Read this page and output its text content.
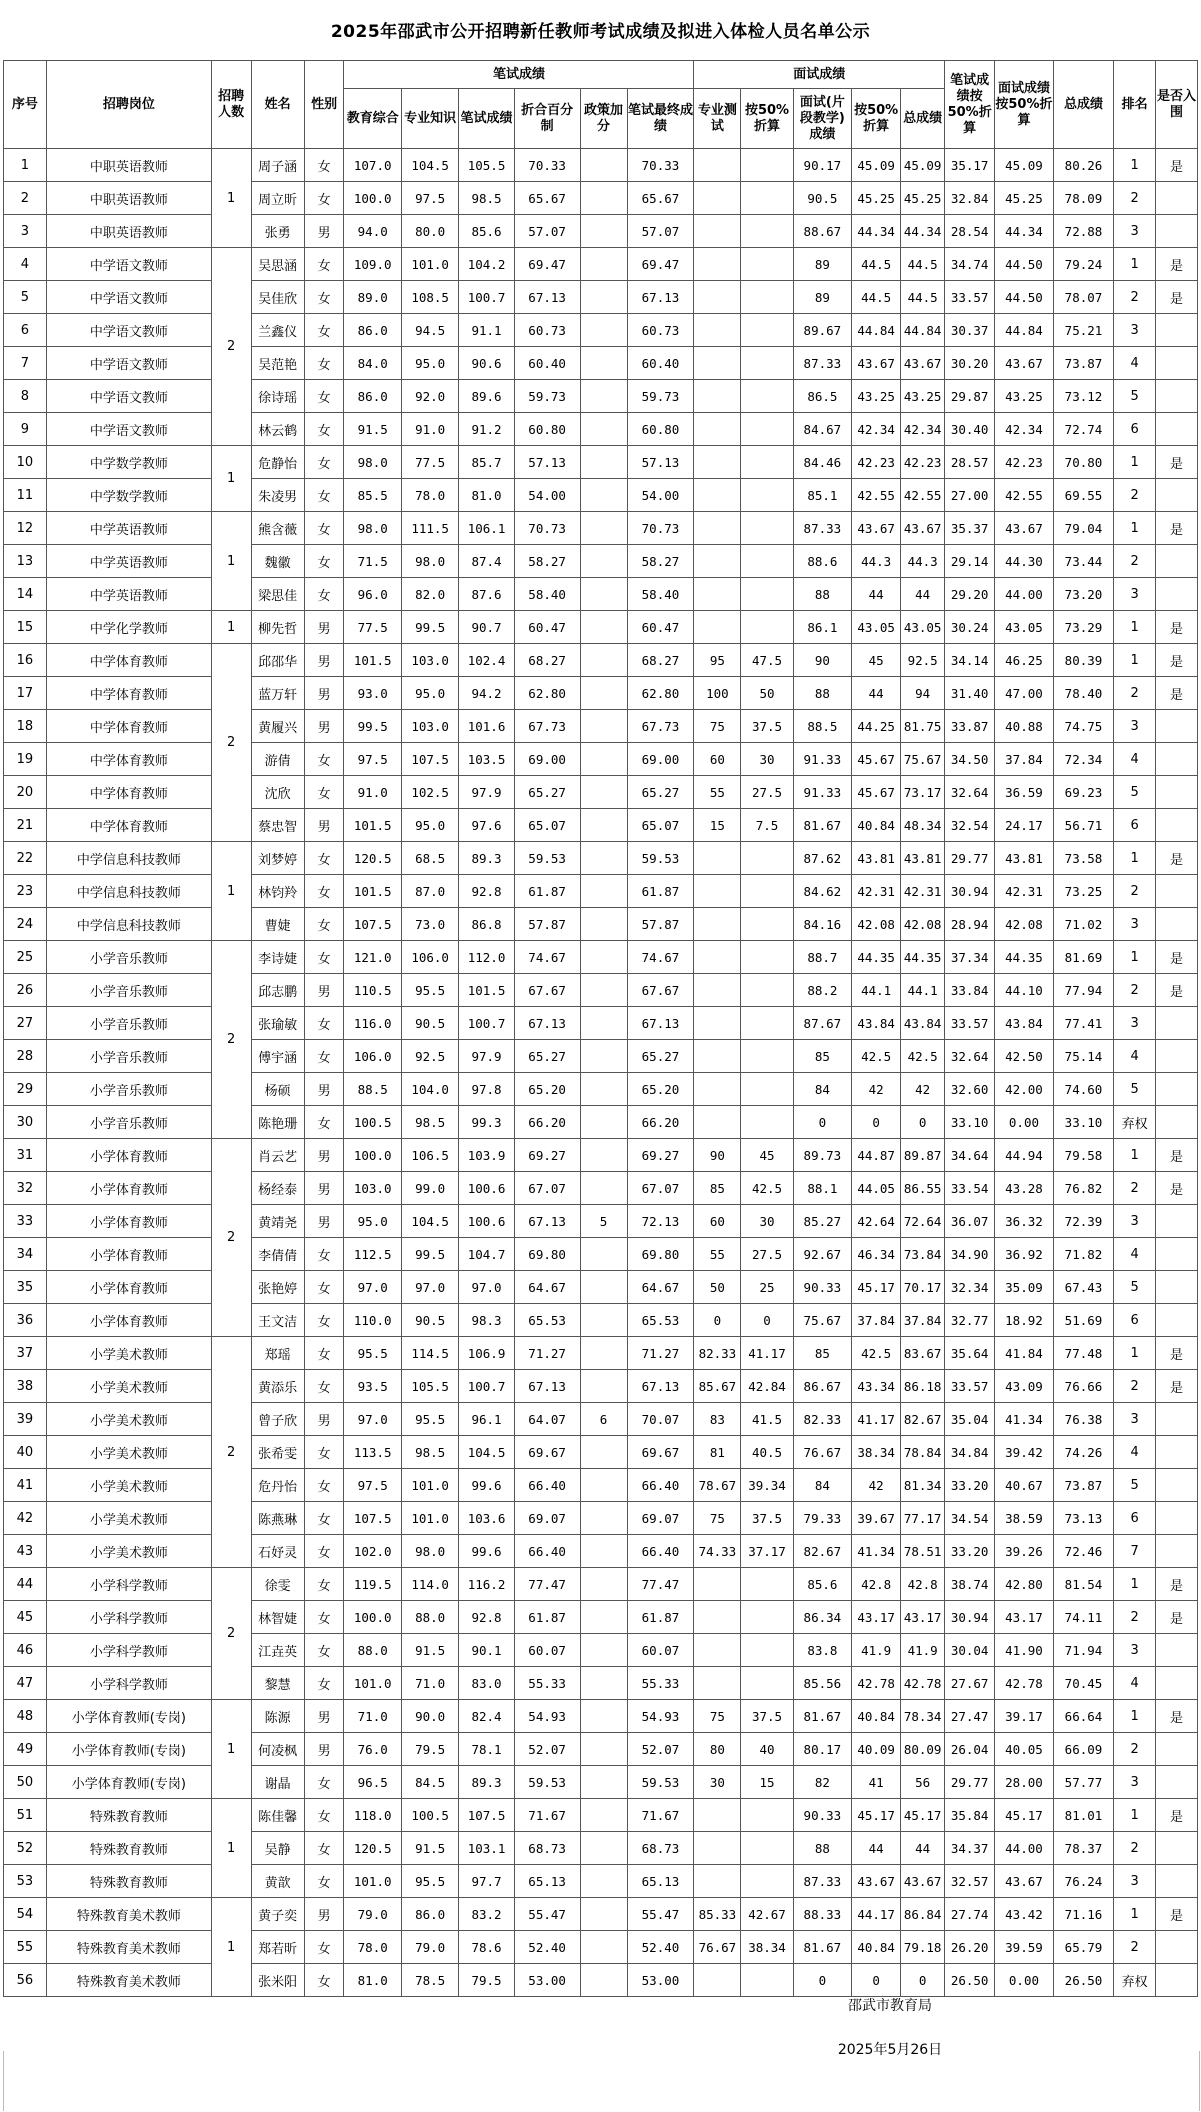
2025年邵武市公开招聘新任教师考试成绩及拟进入体检人员名单公示
序号	招聘岗位	招聘人数	姓名	性别	笔试成绩						面试成绩					笔试成绩按50%折算	面试成绩按50%折算	总成绩	排名	是否入围
					教育综合	专业知识	笔试成绩	折合百分制	政策加分	笔试最终成绩	专业测试	按50%折算	面试(片段教学)成绩	按50%折算	总成绩					
1	中职英语教师	1	周子涵	女	107.0	104.5	105.5	70.33		70.33			90.17	45.09	45.09	35.17	45.09	80.26	1	是
2	中职英语教师		周立昕	女	100.0	97.5	98.5	65.67		65.67			90.5	45.25	45.25	32.84	45.25	78.09	2	
3	中职英语教师		张勇	男	94.0	80.0	85.6	57.07		57.07			88.67	44.34	44.34	28.54	44.34	72.88	3	
4	中学语文教师	2	吴思涵	女	109.0	101.0	104.2	69.47		69.47			89	44.5	44.5	34.74	44.50	79.24	1	是
5	中学语文教师		吴佳欣	女	89.0	108.5	100.7	67.13		67.13			89	44.5	44.5	33.57	44.50	78.07	2	是
6	中学语文教师		兰鑫仪	女	86.0	94.5	91.1	60.73		60.73			89.67	44.84	44.84	30.37	44.84	75.21	3	
7	中学语文教师		吴范艳	女	84.0	95.0	90.6	60.40		60.40			87.33	43.67	43.67	30.20	43.67	73.87	4	
8	中学语文教师		徐诗瑶	女	86.0	92.0	89.6	59.73		59.73			86.5	43.25	43.25	29.87	43.25	73.12	5	
9	中学语文教师		林云鹤	女	91.5	91.0	91.2	60.80		60.80			84.67	42.34	42.34	30.40	42.34	72.74	6	
10	中学数学教师	1	危静怡	女	98.0	77.5	85.7	57.13		57.13			84.46	42.23	42.23	28.57	42.23	70.80	1	是
11	中学数学教师		朱凌男	女	85.5	78.0	81.0	54.00		54.00			85.1	42.55	42.55	27.00	42.55	69.55	2	
12	中学英语教师	1	熊含薇	女	98.0	111.5	106.1	70.73		70.73			87.33	43.67	43.67	35.37	43.67	79.04	1	是
13	中学英语教师		魏徽	女	71.5	98.0	87.4	58.27		58.27			88.6	44.3	44.3	29.14	44.30	73.44	2	
14	中学英语教师		梁思佳	女	96.0	82.0	87.6	58.40		58.40			88	44	44	29.20	44.00	73.20	3	
15	中学化学教师	1	柳先哲	男	77.5	99.5	90.7	60.47		60.47			86.1	43.05	43.05	30.24	43.05	73.29	1	是
16	中学体育教师	2	邱邵华	男	101.5	103.0	102.4	68.27		68.27	95	47.5	90	45	92.5	34.14	46.25	80.39	1	是
17	中学体育教师		蓝万轩	男	93.0	95.0	94.2	62.80		62.80	100	50	88	44	94	31.40	47.00	78.40	2	是
18	中学体育教师		黄履兴	男	99.5	103.0	101.6	67.73		67.73	75	37.5	88.5	44.25	81.75	33.87	40.88	74.75	3	
19	中学体育教师		游倩	女	97.5	107.5	103.5	69.00		69.00	60	30	91.33	45.67	75.67	34.50	37.84	72.34	4	
20	中学体育教师		沈欣	女	91.0	102.5	97.9	65.27		65.27	55	27.5	91.33	45.67	73.17	32.64	36.59	69.23	5	
21	中学体育教师		蔡忠智	男	101.5	95.0	97.6	65.07		65.07	15	7.5	81.67	40.84	48.34	32.54	24.17	56.71	6	
22	中学信息科技教师	1	刘梦婷	女	120.5	68.5	89.3	59.53		59.53			87.62	43.81	43.81	29.77	43.81	73.58	1	是
23	中学信息科技教师		林钧羚	女	101.5	87.0	92.8	61.87		61.87			84.62	42.31	42.31	30.94	42.31	73.25	2	
24	中学信息科技教师		曹婕	女	107.5	73.0	86.8	57.87		57.87			84.16	42.08	42.08	28.94	42.08	71.02	3	
25	小学音乐教师	2	李诗婕	女	121.0	106.0	112.0	74.67		74.67			88.7	44.35	44.35	37.34	44.35	81.69	1	是
26	小学音乐教师		邱志鹏	男	110.5	95.5	101.5	67.67		67.67			88.2	44.1	44.1	33.84	44.10	77.94	2	是
27	小学音乐教师		张瑜敏	女	116.0	90.5	100.7	67.13		67.13			87.67	43.84	43.84	33.57	43.84	77.41	3	
28	小学音乐教师		傅宇涵	女	106.0	92.5	97.9	65.27		65.27			85	42.5	42.5	32.64	42.50	75.14	4	
29	小学音乐教师		杨硕	男	88.5	104.0	97.8	65.20		65.20			84	42	42	32.60	42.00	74.60	5	
30	小学音乐教师		陈艳珊	女	100.5	98.5	99.3	66.20		66.20			0	0	0	33.10	0.00	33.10	弃权	
31	小学体育教师	2	肖云艺	男	100.0	106.5	103.9	69.27		69.27	90	45	89.73	44.87	89.87	34.64	44.94	79.58	1	是
32	小学体育教师		杨经泰	男	103.0	99.0	100.6	67.07		67.07	85	42.5	88.1	44.05	86.55	33.54	43.28	76.82	2	是
33	小学体育教师		黄靖尧	男	95.0	104.5	100.6	67.13	5	72.13	60	30	85.27	42.64	72.64	36.07	36.32	72.39	3	
34	小学体育教师		李倩倩	女	112.5	99.5	104.7	69.80		69.80	55	27.5	92.67	46.34	73.84	34.90	36.92	71.82	4	
35	小学体育教师		张艳婷	女	97.0	97.0	97.0	64.67		64.67	50	25	90.33	45.17	70.17	32.34	35.09	67.43	5	
36	小学体育教师		王文洁	女	110.0	90.5	98.3	65.53		65.53	0	0	75.67	37.84	37.84	32.77	18.92	51.69	6	
37	小学美术教师	2	郑瑶	女	95.5	114.5	106.9	71.27		71.27	82.33	41.17	85	42.5	83.67	35.64	41.84	77.48	1	是
38	小学美术教师		黄添乐	女	93.5	105.5	100.7	67.13		67.13	85.67	42.84	86.67	43.34	86.18	33.57	43.09	76.66	2	是
39	小学美术教师		曾子欣	男	97.0	95.5	96.1	64.07	6	70.07	83	41.5	82.33	41.17	82.67	35.04	41.34	76.38	3	
40	小学美术教师		张希雯	女	113.5	98.5	104.5	69.67		69.67	81	40.5	76.67	38.34	78.84	34.84	39.42	74.26	4	
41	小学美术教师		危丹怡	女	97.5	101.0	99.6	66.40		66.40	78.67	39.34	84	42	81.34	33.20	40.67	73.87	5	
42	小学美术教师		陈燕琳	女	107.5	101.0	103.6	69.07		69.07	75	37.5	79.33	39.67	77.17	34.54	38.59	73.13	6	
43	小学美术教师		石妤灵	女	102.0	98.0	99.6	66.40		66.40	74.33	37.17	82.67	41.34	78.51	33.20	39.26	72.46	7	
44	小学科学教师	2	徐雯	女	119.5	114.0	116.2	77.47		77.47			85.6	42.8	42.8	38.74	42.80	81.54	1	是
45	小学科学教师		林智婕	女	100.0	88.0	92.8	61.87		61.87			86.34	43.17	43.17	30.94	43.17	74.11	2	是
46	小学科学教师		江垚英	女	88.0	91.5	90.1	60.07		60.07			83.8	41.9	41.9	30.04	41.90	71.94	3	
47	小学科学教师		黎慧	女	101.0	71.0	83.0	55.33		55.33			85.56	42.78	42.78	27.67	42.78	70.45	4	
48	小学体育教师(专岗)	1	陈源	男	71.0	90.0	82.4	54.93		54.93	75	37.5	81.67	40.84	78.34	27.47	39.17	66.64	1	是
49	小学体育教师(专岗)		何凌枫	男	76.0	79.5	78.1	52.07		52.07	80	40	80.17	40.09	80.09	26.04	40.05	66.09	2	
50	小学体育教师(专岗)		谢晶	女	96.5	84.5	89.3	59.53		59.53	30	15	82	41	56	29.77	28.00	57.77	3	
51	特殊教育教师	1	陈佳馨	女	118.0	100.5	107.5	71.67		71.67			90.33	45.17	45.17	35.84	45.17	81.01	1	是
52	特殊教育教师		吴静	女	120.5	91.5	103.1	68.73		68.73			88	44	44	34.37	44.00	78.37	2	
53	特殊教育教师		黄歆	女	101.0	95.5	97.7	65.13		65.13			87.33	43.67	43.67	32.57	43.67	76.24	3	
54	特殊教育美术教师	1	黄子奕	男	79.0	86.0	83.2	55.47		55.47	85.33	42.67	88.33	44.17	86.84	27.74	43.42	71.16	1	是
55	特殊教育美术教师		郑若昕	女	78.0	79.0	78.6	52.40		52.40	76.67	38.34	81.67	40.84	79.18	26.20	39.59	65.79	2	
56	特殊教育美术教师		张米阳	女	81.0	78.5	79.5	53.00		53.00			0	0	0	26.50	0.00	26.50	弃权	
邵武市教育局
2025年5月26日
